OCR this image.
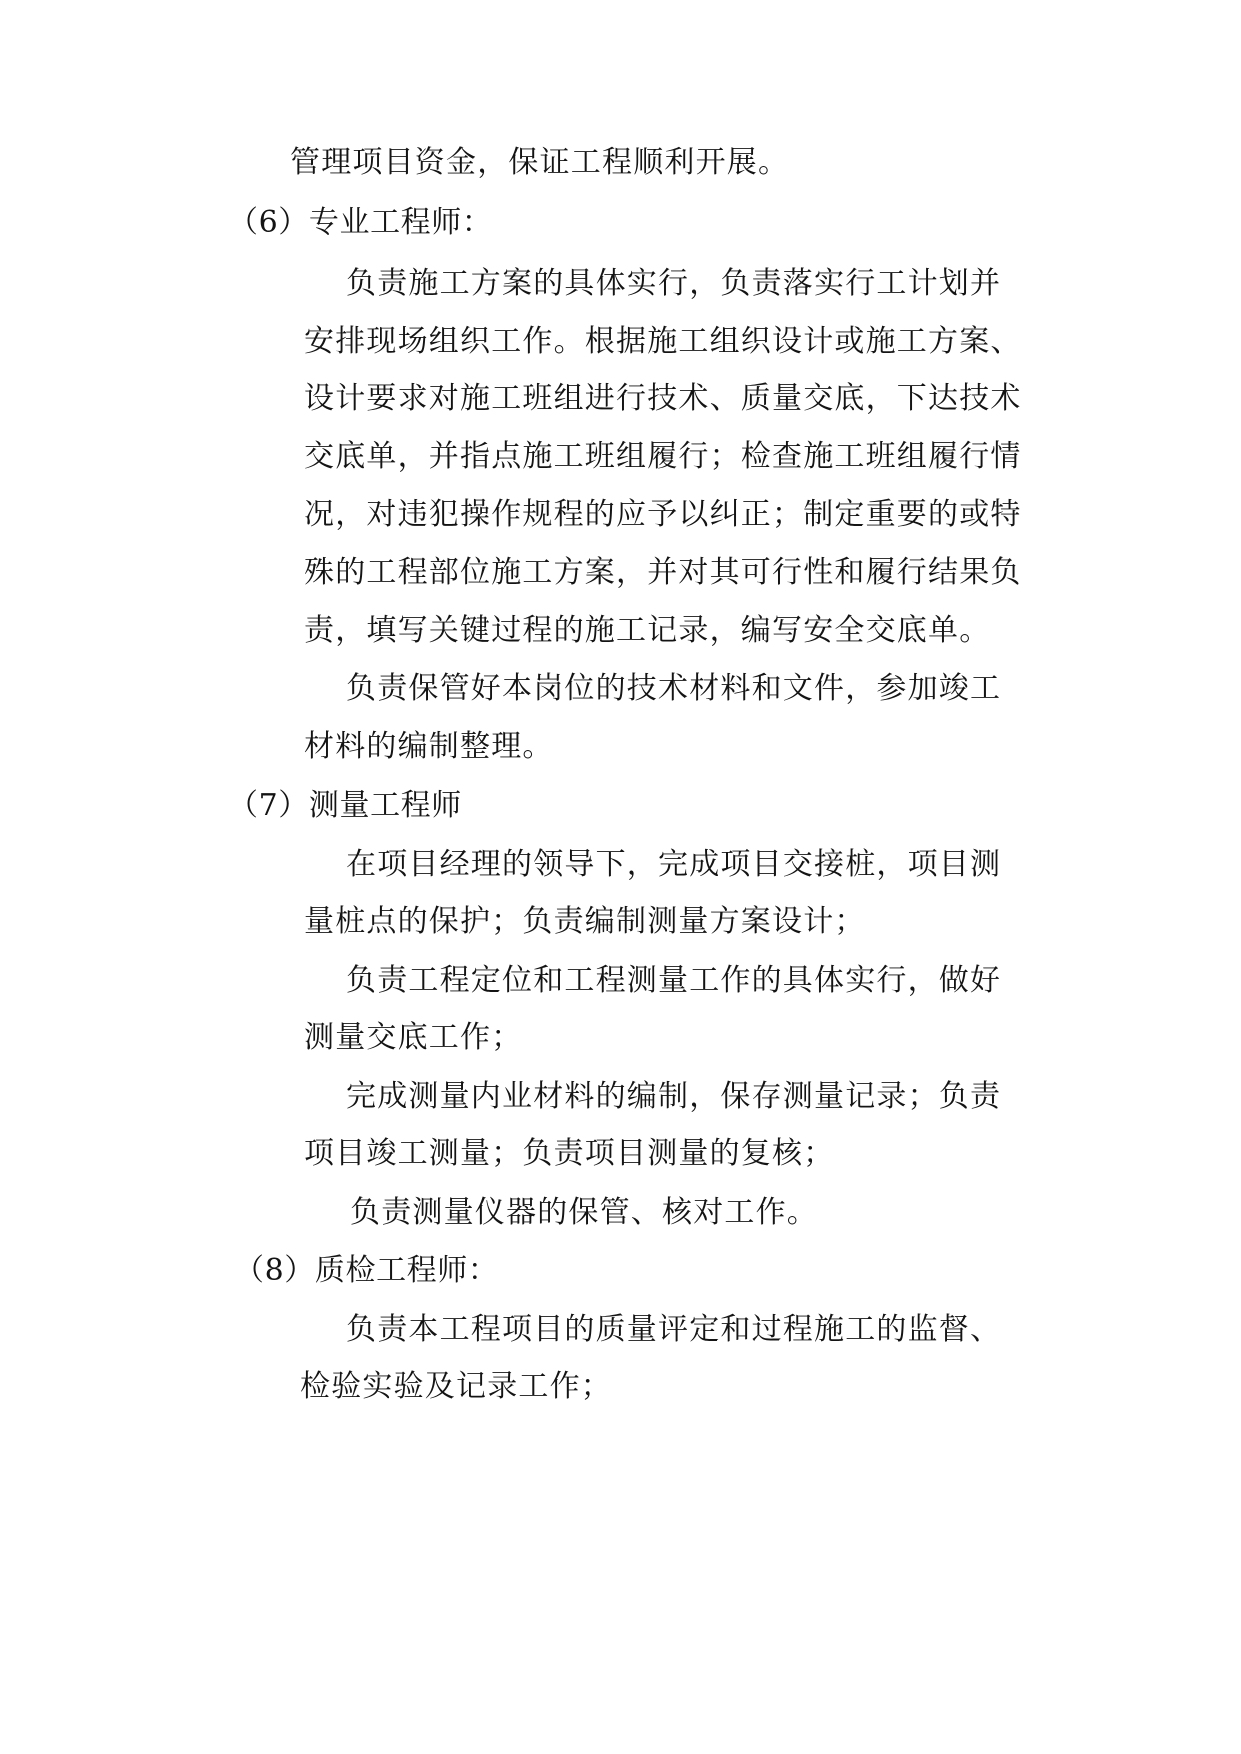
管理项目资金，保证工程顺利开展。

（6）专业工程师：

负责施工方案的具体实行，负责落实行工计划并

安排现场组织工作。根据施工组织设计或施工方案、

设计要求对施工班组进行技术、质量交底，下达技术

交底单，并指点施工班组履行；检查施工班组履行情

况，对违犯操作规程的应予以纠正；制定重要的或特

殊的工程部位施工方案，并对其可行性和履行结果负

责，填写关键过程的施工记录，编写安全交底单。

负责保管好本岗位的技术材料和文件，参加竣工

材料的编制整理。

（7）测量工程师

在项目经理的领导下，完成项目交接桩，项目测

量桩点的保护；负责编制测量方案设计；

负责工程定位和工程测量工作的具体实行，做好

测量交底工作；

完成测量内业材料的编制，保存测量记录；负责

项目竣工测量；负责项目测量的复核；

负责测量仪器的保管、核对工作。

（8）质检工程师：

负责本工程项目的质量评定和过程施工的监督、

检验实验及记录工作；
